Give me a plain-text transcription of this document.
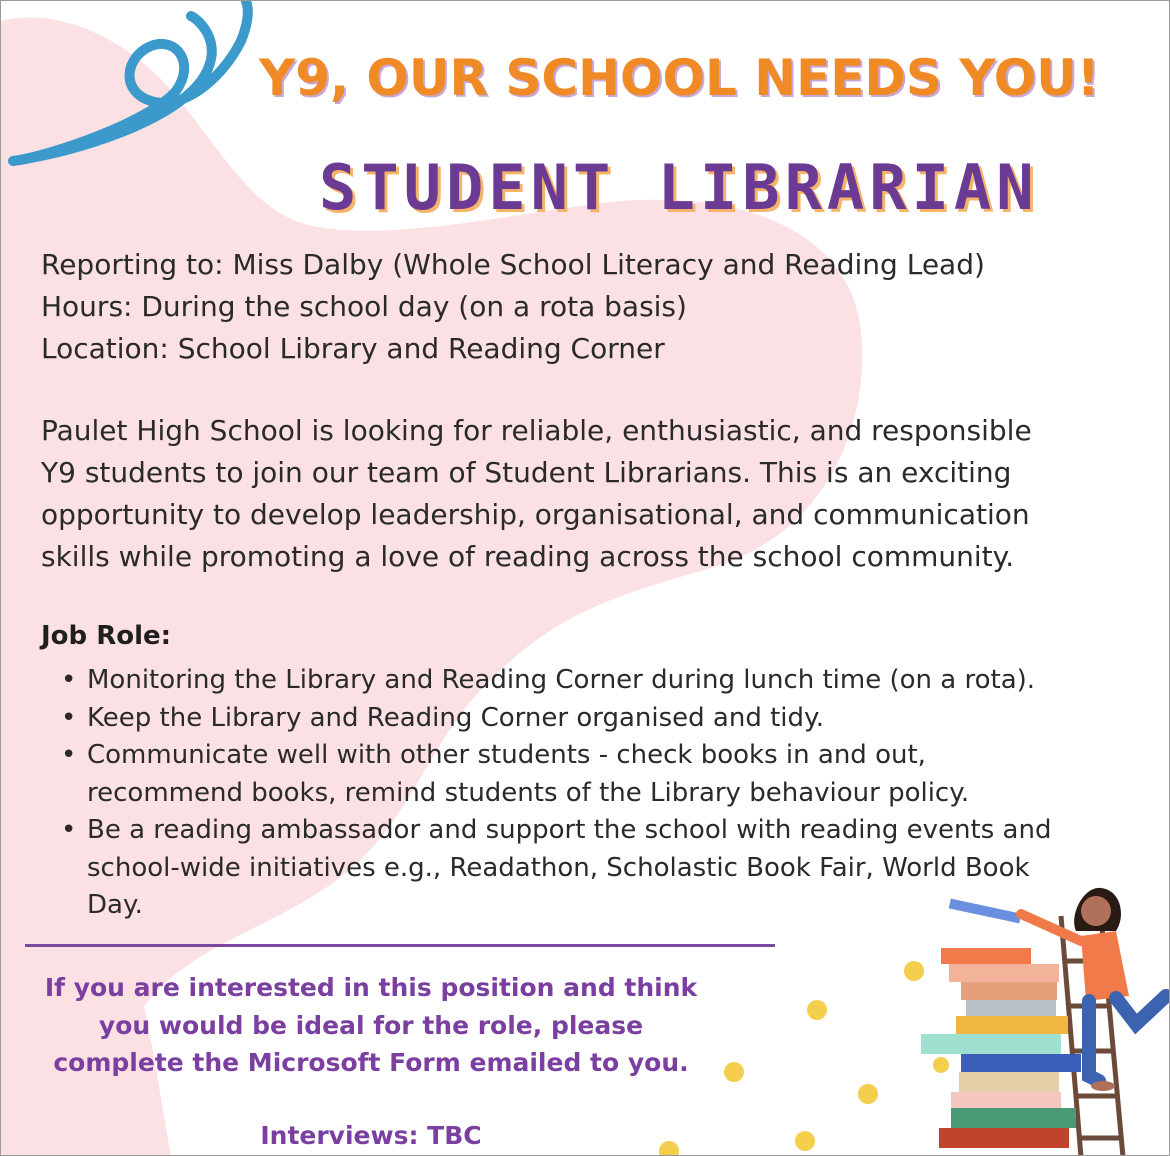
Y9, OUR SCHOOL NEEDS YOU!
STUDENT LIBRARIAN
Reporting to: Miss Dalby (Whole School Literacy and Reading Lead)
Hours: During the school day (on a rota basis)
Location: School Library and Reading Corner
Paulet High School is looking for reliable, enthusiastic, and responsible
Y9 students to join our team of Student Librarians. This is an exciting
opportunity to develop leadership, organisational, and communication
skills while promoting a love of reading across the school community.
Job Role:
• Monitoring the Library and Reading Corner during lunch time (on a rota).
• Keep the Library and Reading Corner organised and tidy.
• Communicate well with other students - check books in and out,
recommend books, remind students of the Library behaviour policy.
• Be a reading ambassador and support the school with reading events and
school-wide initiatives e.g., Readathon, Scholastic Book Fair, World Book
Day.
If you are interested in this position and think
you would be ideal for the role, please
complete the Microsoft Form emailed to you.
Interviews: TBC
